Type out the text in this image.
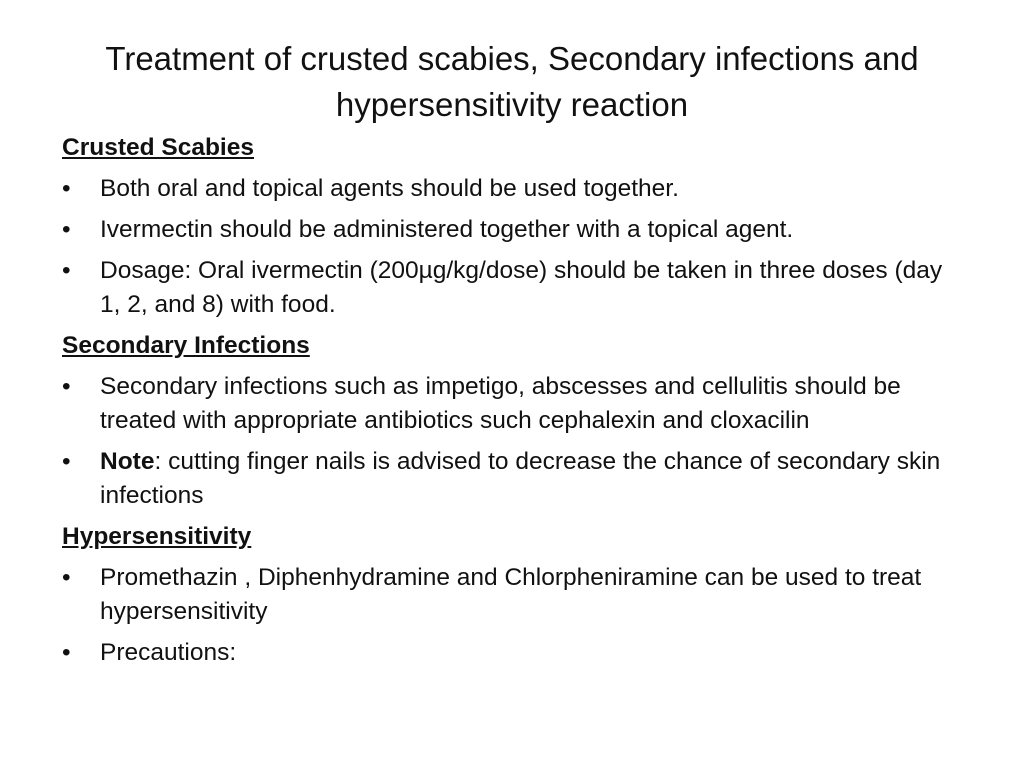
Treatment of crusted scabies, Secondary infections and hypersensitivity reaction
Crusted Scabies
•	Both oral and topical agents should be used together.
•	Ivermectin should be administered together with a topical agent.
•	Dosage: Oral ivermectin (200µg/kg/dose) should be taken in three doses (day 1, 2, and 8) with food.
Secondary Infections
•	Secondary infections such as impetigo, abscesses and cellulitis should be treated with appropriate antibiotics such cephalexin and cloxacilin
•	Note: cutting finger nails is advised to decrease the chance of secondary skin infections
Hypersensitivity
•	Promethazin , Diphenhydramine and Chlorpheniramine can be used to treat hypersensitivity
•	Precautions:
